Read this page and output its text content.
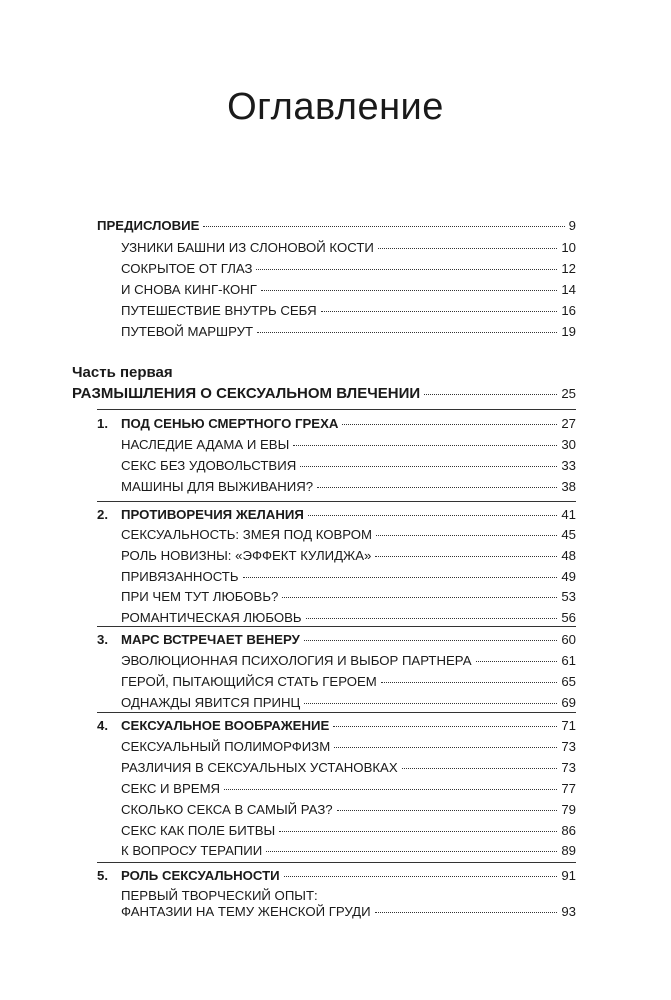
Оглавление
ПРЕДИСЛОВИЕ	9
УЗНИКИ БАШНИ ИЗ СЛОНОВОЙ КОСТИ	10
СОКРЫТОЕ ОТ ГЛАЗ	12
И СНОВА КИНГ-КОНГ	14
ПУТЕШЕСТВИЕ ВНУТРЬ СЕБЯ	16
ПУТЕВОЙ МАРШРУТ	19
Часть первая
РАЗМЫШЛЕНИЯ О СЕКСУАЛЬНОМ ВЛЕЧЕНИИ	25
1. ПОД СЕНЬЮ СМЕРТНОГО ГРЕХА	27
НАСЛЕДИЕ АДАМА И ЕВЫ	30
СЕКС БЕЗ УДОВОЛЬСТВИЯ	33
МАШИНЫ ДЛЯ ВЫЖИВАНИЯ?	38
2. ПРОТИВОРЕЧИЯ ЖЕЛАНИЯ	41
СЕКСУАЛЬНОСТЬ: ЗМЕЯ ПОД КОВРОМ	45
РОЛЬ НОВИЗНЫ: «ЭФФЕКТ КУЛИДЖА»	48
ПРИВЯЗАННОСТЬ	49
ПРИ ЧЕМ ТУТ ЛЮБОВЬ?	53
РОМАНТИЧЕСКАЯ ЛЮБОВЬ	56
3. МАРС ВСТРЕЧАЕТ ВЕНЕРУ	60
ЭВОЛЮЦИОННАЯ ПСИХОЛОГИЯ И ВЫБОР ПАРТНЕРА	61
ГЕРОЙ, ПЫТАЮЩИЙСЯ СТАТЬ ГЕРОЕМ	65
ОДНАЖДЫ ЯВИТСЯ ПРИНЦ	69
4. СЕКСУАЛЬНОЕ ВООБРАЖЕНИЕ	71
СЕКСУАЛЬНЫЙ ПОЛИМОРФИЗМ	73
РАЗЛИЧИЯ В СЕКСУАЛЬНЫХ УСТАНОВКАХ	73
СЕКС И ВРЕМЯ	77
СКОЛЬКО СЕКСА В САМЫЙ РАЗ?	79
СЕКС КАК ПОЛЕ БИТВЫ	86
К ВОПРОСУ ТЕРАПИИ	89
5. РОЛЬ СЕКСУАЛЬНОСТИ	91
ПЕРВЫЙ ТВОРЧЕСКИЙ ОПЫТ:
ФАНТАЗИИ НА ТЕМУ ЖЕНСКОЙ ГРУДИ	93
